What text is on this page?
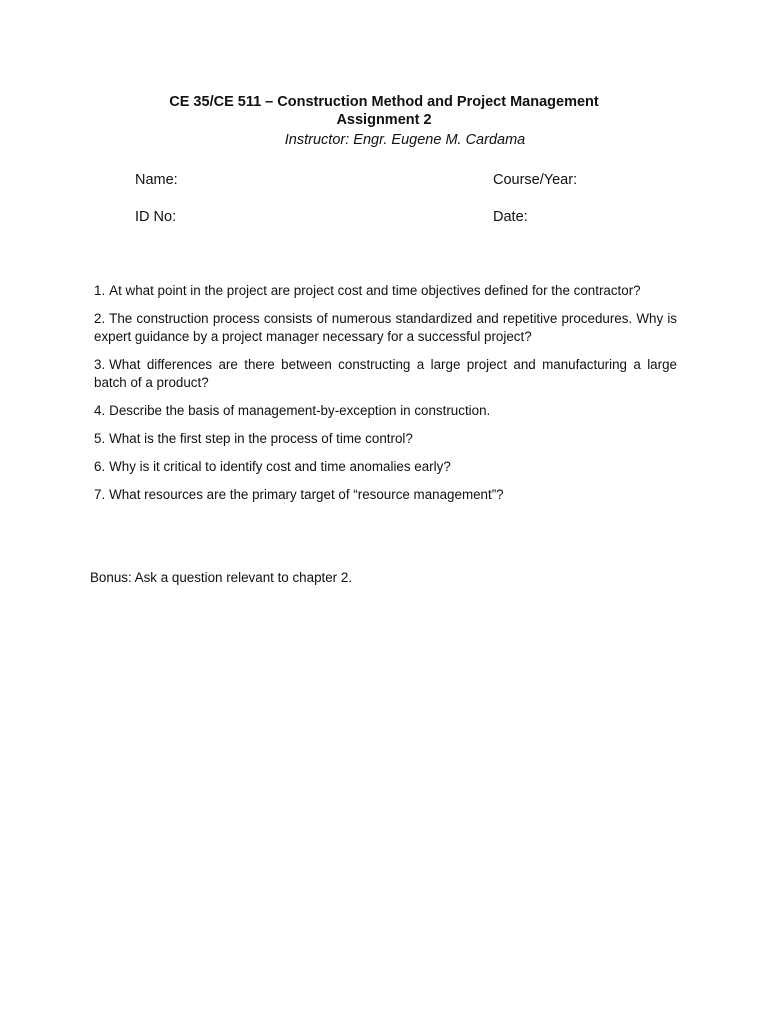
CE 35/CE 511 – Construction Method and Project Management

Assignment 2

Instructor: Engr. Eugene M. Cardama

Name:	Course/Year:
ID No:	Date:
1. At what point in the project are project cost and time objectives defined for the contractor?
2. The construction process consists of numerous standardized and repetitive procedures. Why is expert guidance by a project manager necessary for a successful project?
3. What differences are there between constructing a large project and manufacturing a large batch of a product?
4. Describe the basis of management-by-exception in construction.
5. What is the first step in the process of time control?
6. Why is it critical to identify cost and time anomalies early?
7. What resources are the primary target of “resource management”?
Bonus: Ask a question relevant to chapter 2.
